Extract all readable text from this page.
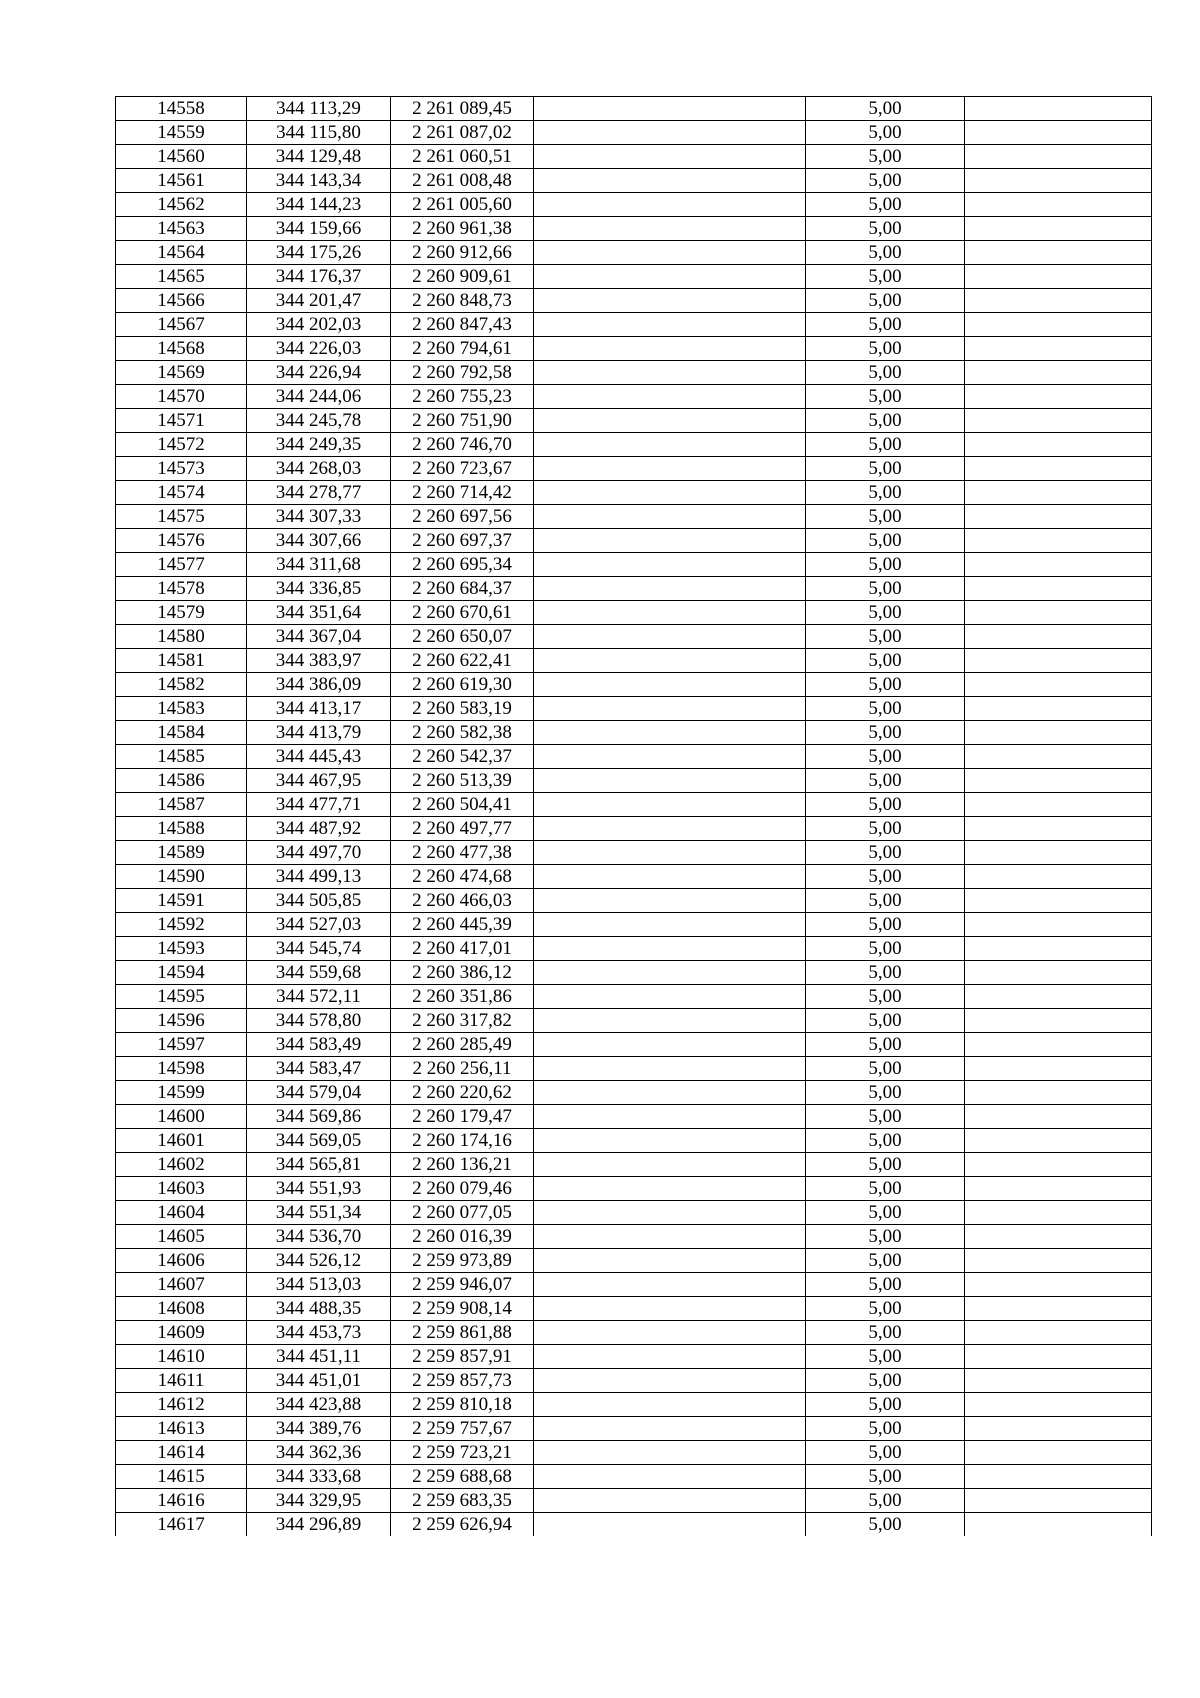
14558	344 113,29	2 261 089,45		5,00	
14559	344 115,80	2 261 087,02		5,00	
14560	344 129,48	2 261 060,51		5,00	
14561	344 143,34	2 261 008,48		5,00	
14562	344 144,23	2 261 005,60		5,00	
14563	344 159,66	2 260 961,38		5,00	
14564	344 175,26	2 260 912,66		5,00	
14565	344 176,37	2 260 909,61		5,00	
14566	344 201,47	2 260 848,73		5,00	
14567	344 202,03	2 260 847,43		5,00	
14568	344 226,03	2 260 794,61		5,00	
14569	344 226,94	2 260 792,58		5,00	
14570	344 244,06	2 260 755,23		5,00	
14571	344 245,78	2 260 751,90		5,00	
14572	344 249,35	2 260 746,70		5,00	
14573	344 268,03	2 260 723,67		5,00	
14574	344 278,77	2 260 714,42		5,00	
14575	344 307,33	2 260 697,56		5,00	
14576	344 307,66	2 260 697,37		5,00	
14577	344 311,68	2 260 695,34		5,00	
14578	344 336,85	2 260 684,37		5,00	
14579	344 351,64	2 260 670,61		5,00	
14580	344 367,04	2 260 650,07		5,00	
14581	344 383,97	2 260 622,41		5,00	
14582	344 386,09	2 260 619,30		5,00	
14583	344 413,17	2 260 583,19		5,00	
14584	344 413,79	2 260 582,38		5,00	
14585	344 445,43	2 260 542,37		5,00	
14586	344 467,95	2 260 513,39		5,00	
14587	344 477,71	2 260 504,41		5,00	
14588	344 487,92	2 260 497,77		5,00	
14589	344 497,70	2 260 477,38		5,00	
14590	344 499,13	2 260 474,68		5,00	
14591	344 505,85	2 260 466,03		5,00	
14592	344 527,03	2 260 445,39		5,00	
14593	344 545,74	2 260 417,01		5,00	
14594	344 559,68	2 260 386,12		5,00	
14595	344 572,11	2 260 351,86		5,00	
14596	344 578,80	2 260 317,82		5,00	
14597	344 583,49	2 260 285,49		5,00	
14598	344 583,47	2 260 256,11		5,00	
14599	344 579,04	2 260 220,62		5,00	
14600	344 569,86	2 260 179,47		5,00	
14601	344 569,05	2 260 174,16		5,00	
14602	344 565,81	2 260 136,21		5,00	
14603	344 551,93	2 260 079,46		5,00	
14604	344 551,34	2 260 077,05		5,00	
14605	344 536,70	2 260 016,39		5,00	
14606	344 526,12	2 259 973,89		5,00	
14607	344 513,03	2 259 946,07		5,00	
14608	344 488,35	2 259 908,14		5,00	
14609	344 453,73	2 259 861,88		5,00	
14610	344 451,11	2 259 857,91		5,00	
14611	344 451,01	2 259 857,73		5,00	
14612	344 423,88	2 259 810,18		5,00	
14613	344 389,76	2 259 757,67		5,00	
14614	344 362,36	2 259 723,21		5,00	
14615	344 333,68	2 259 688,68		5,00	
14616	344 329,95	2 259 683,35		5,00	
14617	344 296,89	2 259 626,94		5,00	
